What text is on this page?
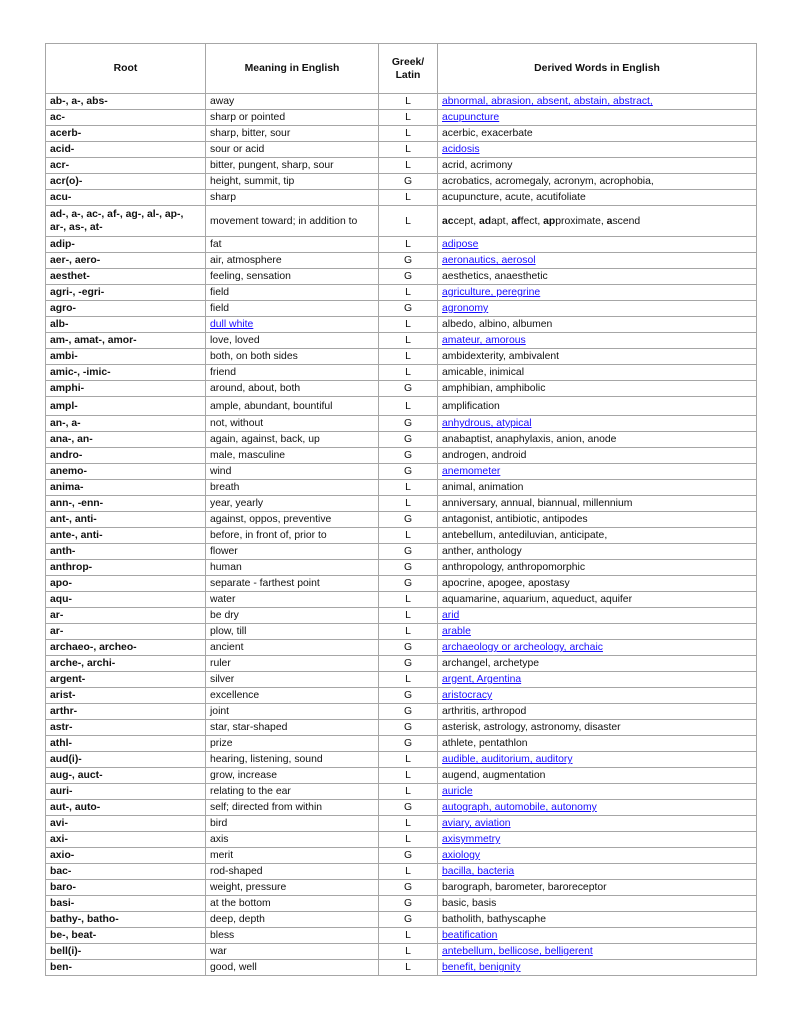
Root	Meaning in English	Greek/ Latin	Derived Words in English
ab-, a-, abs-	away	L	abnormal, abrasion, absent, abstain, abstract,
ac-	sharp or pointed	L	acupuncture
acerb-	sharp, bitter, sour	L	acerbic, exacerbate
acid-	sour or acid	L	acidosis
acr-	bitter, pungent, sharp, sour	L	acrid, acrimony
acr(o)-	height, summit, tip	G	acrobatics, acromegaly, acronym, acrophobia,
acu-	sharp	L	acupuncture, acute, acutifoliate
ad-, a-, ac-, af-, ag-, al-, ap-, ar-, as-, at-	movement toward; in addition to	L	accept, adapt, affect, approximate, ascend
adip-	fat	L	adipose
aer-, aero-	air, atmosphere	G	aeronautics, aerosol
aesthet-	feeling, sensation	G	aesthetics, anaesthetic
agri-, -egri-	field	L	agriculture, peregrine
agro-	field	G	agronomy
alb-	dull white	L	albedo, albino, albumen
am-, amat-, amor-	love, loved	L	amateur, amorous
ambi-	both, on both sides	L	ambidexterity, ambivalent
amic-, -imic-	friend	L	amicable, inimical
amphi-	around, about, both	G	amphibian, amphibolic
ampl-	ample, abundant, bountiful	L	amplification
an-, a-	not, without	G	anhydrous, atypical
ana-, an-	again, against, back, up	G	anabaptist, anaphylaxis, anion, anode
andro-	male, masculine	G	androgen, android
anemo-	wind	G	anemometer
anima-	breath	L	animal, animation
ann-, -enn-	year, yearly	L	anniversary, annual, biannual, millennium
ant-, anti-	against, oppos, preventive	G	antagonist, antibiotic, antipodes
ante-, anti-	before, in front of, prior to	L	antebellum, antediluvian, anticipate,
anth-	flower	G	anther, anthology
anthrop-	human	G	anthropology, anthropomorphic
apo-	separate - farthest point	G	apocrine, apogee, apostasy
aqu-	water	L	aquamarine, aquarium, aqueduct, aquifer
ar-	be dry	L	arid
ar-	plow, till	L	arable
archaeo-, archeo-	ancient	G	archaeology or archeology, archaic
arche-, archi-	ruler	G	archangel, archetype
argent-	silver	L	argent, Argentina
arist-	excellence	G	aristocracy
arthr-	joint	G	arthritis, arthropod
astr-	star, star-shaped	G	asterisk, astrology, astronomy, disaster
athl-	prize	G	athlete, pentathlon
aud(i)-	hearing, listening, sound	L	audible, auditorium, auditory
aug-, auct-	grow, increase	L	augend, augmentation
auri-	relating to the ear	L	auricle
aut-, auto-	self; directed from within	G	autograph, automobile, autonomy
avi-	bird	L	aviary, aviation
axi-	axis	L	axisymmetry
axio-	merit	G	axiology
bac-	rod-shaped	L	bacilla, bacteria
baro-	weight, pressure	G	barograph, barometer, baroreceptor
basi-	at the bottom	G	basic, basis
bathy-, batho-	deep, depth	G	batholith, bathyscaphe
be-, beat-	bless	L	beatification
bell(i)-	war	L	antebellum, bellicose, belligerent
ben-	good, well	L	benefit, benignity
